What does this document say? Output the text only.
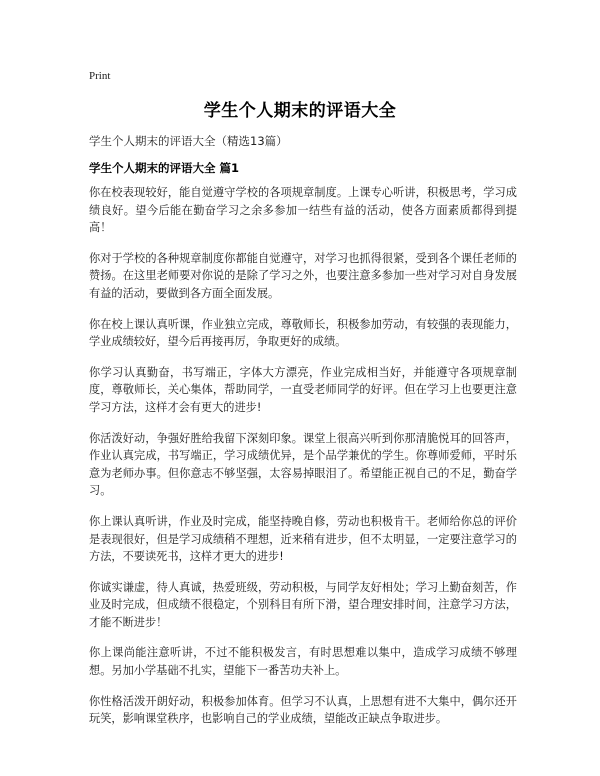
Print
学生个人期末的评语大全
学生个人期末的评语大全（精选13篇）
学生个人期末的评语大全 篇1

你在校表现较好，能自觉遵守学校的各项规章制度。上课专心听讲，积极思考，学习成绩良好。望今后能在勤奋学习之余多参加一结些有益的活动，使各方面素质都得到提高！

你对于学校的各种规章制度你都能自觉遵守，对学习也抓得很紧，受到各个课任老师的赞扬。在这里老师要对你说的是除了学习之外，也要注意多参加一些对学习对自身发展有益的活动，要做到各方面全面发展。

你在校上课认真听课，作业独立完成，尊敬师长，积极参加劳动，有较强的表现能力，学业成绩较好，望今后再接再厉，争取更好的成绩。

你学习认真勤奋，书写端正，字体大方漂亮，作业完成相当好，并能遵守各项规章制度，尊敬师长，关心集体，帮助同学，一直受老师同学的好评。但在学习上也要更注意学习方法，这样才会有更大的进步!

你活泼好动，争强好胜给我留下深刻印象。课堂上很高兴听到你那清脆悦耳的回答声，作业认真完成，书写端正，学习成绩优异，是个品学兼优的学生。你尊师爱师，平时乐意为老师办事。但你意志不够坚强，太容易掉眼泪了。希望能正视自己的不足，勤奋学习。

你上课认真听讲，作业及时完成，能坚持晚自修，劳动也积极肯干。老师给你总的评价是表现很好，但是学习成绩稍不理想，近来稍有进步，但不太明显，一定要注意学习的方法，不要读死书，这样才更大的进步!

你诚实谦虚，待人真诚，热爱班级，劳动积极，与同学友好相处；学习上勤奋刻苦，作业及时完成，但成绩不很稳定，个别科目有所下滑，望合理安排时间，注意学习方法，才能不断进步！

你上课尚能注意听讲，不过不能积极发言，有时思想难以集中，造成学习成绩不够理想。另加小学基础不扎实，望能下一番苦功夫补上。

你性格活泼开朗好动，积极参加体育。但学习不认真，上思想有进不大集中，偶尔还开玩笑，影响课堂秩序，也影响自己的学业成绩，望能改正缺点争取进步。
